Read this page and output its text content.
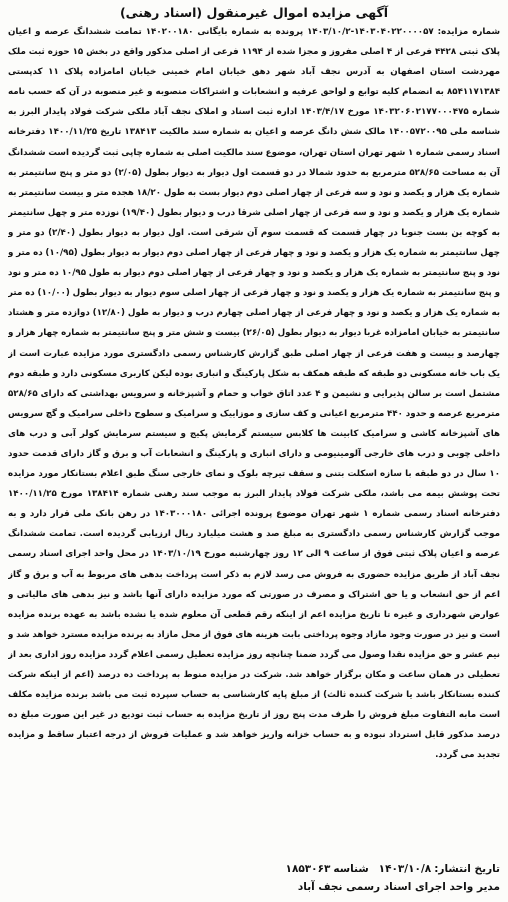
آگهی مزایده اموال غیرمنقول (اسناد رهنی)

شماره مزایده: ۱۴۰۳۰۴۰۲۲۰۰۰۰۵۷-۱۴۰۳/۱۰/۲ پرونده به شماره بایگانی ۱۴۰۲۰۰۱۸۰ تمامت ششدانگ عرصه و اعیان پلاک ثبتی ۴۴۲۸ فرعی از ۴ اصلی مفروز و مجزا شده از ۱۱۹۴ فرعی از اصلی مذکور واقع در بخش ۱۵ حوزه ثبت ملک مهردشت استان اصفهان به آدرس نجف آباد شهر دهق خیابان امام خمینی خیابان امامزاده پلاک ۱۱ کدپستی ۸۵۴۱۱۷۱۳۸۴ به انضمام کلیه توابع و لواحق عرفیه و انشعابات و اشتراکات منصوبه و غیر منصوبه در آن که حسب نامه شماره ۱۴۰۳۲۰۶۰۲۱۷۷۰۰۰۴۷۵ مورخ ۱۴۰۳/۴/۱۷ اداره ثبت اسناد و املاک نجف آباد ملکی شرکت فولاد پایدار البرز به شناسه ملی ۱۴۰۰۵۷۲۰۰۹۵ مالک شش دانگ عرصه و اعیان به شماره سند مالکیت ۱۳۸۴۱۳ تاریخ ۱۴۰۰/۱۱/۲۵ دفترخانه اسناد رسمی شماره ۱ شهر تهران استان تهران، موضوع سند مالکیت اصلی به شماره چاپی ثبت گردیده است ششدانگ آن به مساحت ۵۲۸/۶۵ مترمربع به حدود شمالا در دو قسمت اول دیوار به دیوار بطول (۲/۰۵) دو متر و پنج سانتیمتر به شماره یک هزار و یکصد و نود و سه فرعی از چهار اصلی دوم دیوار بست به طول ۱۸/۲۰ هجده متر و بیست سانتیمتر به شماره یک هزار و یکصد و نود و سه فرعی از چهار اصلی شرقا درب و دیوار بطول (۱۹/۴۰) نوزده متر و چهل سانتیمتر به کوچه بن بست جنوبا در چهار قسمت که قسمت سوم آن شرقی است. اول دیوار به دیوار بطول (۲/۴۰) دو متر و چهل سانتیمتر به شماره یک هزار و یکصد و نود و چهار فرعی از چهار اصلی دوم دیوار به دیوار بطول (۱۰/۹۵) ده متر و نود و پنج سانتیمتر به شماره یک هزار و یکصد و نود و چهار فرعی از چهار اصلی دوم دیوار به طول ۱۰/۹۵ ده متر و نود و پنج سانتیمتر به شماره یک هزار و یکصد و نود و چهار فرعی از چهار اصلی سوم دیوار به دیوار بطول (۱۰/۰۰) ده متر به شماره یک هزار و یکصد و نود و چهار فرعی از چهار اصلی چهارم درب و دیوار به طول (۱۲/۸۰) دوازده متر و هشتاد سانتیمتر به خیابان امامزاده غربا دیوار به دیوار بطول (۲۶/۰۵) بیست و شش متر و پنج سانتیمتر به شماره چهار هزار و چهارصد و بیست و هفت فرعی از چهار اصلی طبق گزارش کارشناس رسمی دادگستری مورد مزایده عبارت است از یک باب خانه مسکونی دو طبقه که طبقه همکف به شکل پارکینگ و انباری بوده لیکن کاربری مسکونی دارد و طبقه دوم مشتمل است بر سالن پذیرایی و نشیمن و ۴ عدد اتاق خواب و حمام و آشپزخانه و سرویس بهداشتی که دارای ۵۲۸/۶۵ مترمربع عرصه و حدود ۴۴۰ مترمربع اعیانی و کف سازی و موزاییک و سرامیک و سطوح داخلی سرامیک و گچ سرویس های آشپزخانه کاشی و سرامیک کابینت ها کلابس سیستم گرمایش پکیج و سیستم سرمایش کولر آبی و درب های داخلی چوبی و درب های خارجی آلومینیومی و دارای انباری و پارکینگ و انشعابات آب و برق و گاز دارای قدمت حدود ۱۰ سال در دو طبقه با سازه اسکلت بتنی و سقف تیرچه بلوک و نمای خارجی سنگ طبق اعلام بستانکار مورد مزایده تحت پوشش بیمه می باشد، ملکی شرکت فولاد پایدار البرز به موجب سند رهنی شماره ۱۳۸۴۱۴ مورخ ۱۴۰۰/۱۱/۲۵ دفترخانه اسناد رسمی شماره ۱ شهر تهران موضوع پرونده اجرائی ۱۴۰۳۰۰۰۱۸۰ در رهن بانک ملی قرار دارد و به موجب گزارش کارشناس رسمی دادگستری به مبلغ صد و هشت میلیارد ریال ارزیابی گردیده است. تمامت ششدانگ عرصه و اعیان پلاک ثبتی فوق از ساعت ۹ الی ۱۲ روز چهارشنبه مورخ ۱۴۰۳/۱۰/۱۹ در محل واحد اجرای اسناد رسمی نجف آباد از طریق مزایده حضوری به فروش می رسد لازم به ذکر است پرداخت بدهی های مربوط به آب و برق و گاز اعم از حق انشعاب و یا حق اشتراک و مصرف در صورتی که مورد مزایده دارای آنها باشد و نیز بدهی های مالیاتی و عوارض شهرداری و غیره تا تاریخ مزایده اعم از اینکه رقم قطعی آن معلوم شده یا نشده باشد به عهده برنده مزایده است و نیز در صورت وجود مازاد وجوه پرداختی بابت هزینه های فوق از محل مازاد به برنده مزایده مسترد خواهد شد و نیم عشر و حق مزایده نقدا وصول می گردد ضمنا چنانچه روز مزایده تعطیل رسمی اعلام گردد مزایده روز اداری بعد از تعطیلی در همان ساعت و مکان برگزار خواهد شد. شرکت در مزایده منوط به پرداخت ده درصد (اعم از اینکه شرکت کننده بستانکار باشد یا شرکت کننده ثالث) از مبلغ پایه کارشناسی به حساب سپرده ثبت می باشد برنده مزایده مکلف است مابه التفاوت مبلغ فروش را ظرف مدت پنج روز از تاریخ مزایده به حساب ثبت تودیع در غیر این صورت مبلغ ده درصد مذکور قابل استرداد نبوده و به حساب خزانه واریز خواهد شد و عملیات فروش از درجه اعتبار ساقط و مزایده تجدید می گردد.

تاریخ انتشار:۱۴۰۳/۱۰/۸
شناسه۱۸۵۳۰۶۳
مدیر واحد اجرای اسناد رسمی نجف آباد
